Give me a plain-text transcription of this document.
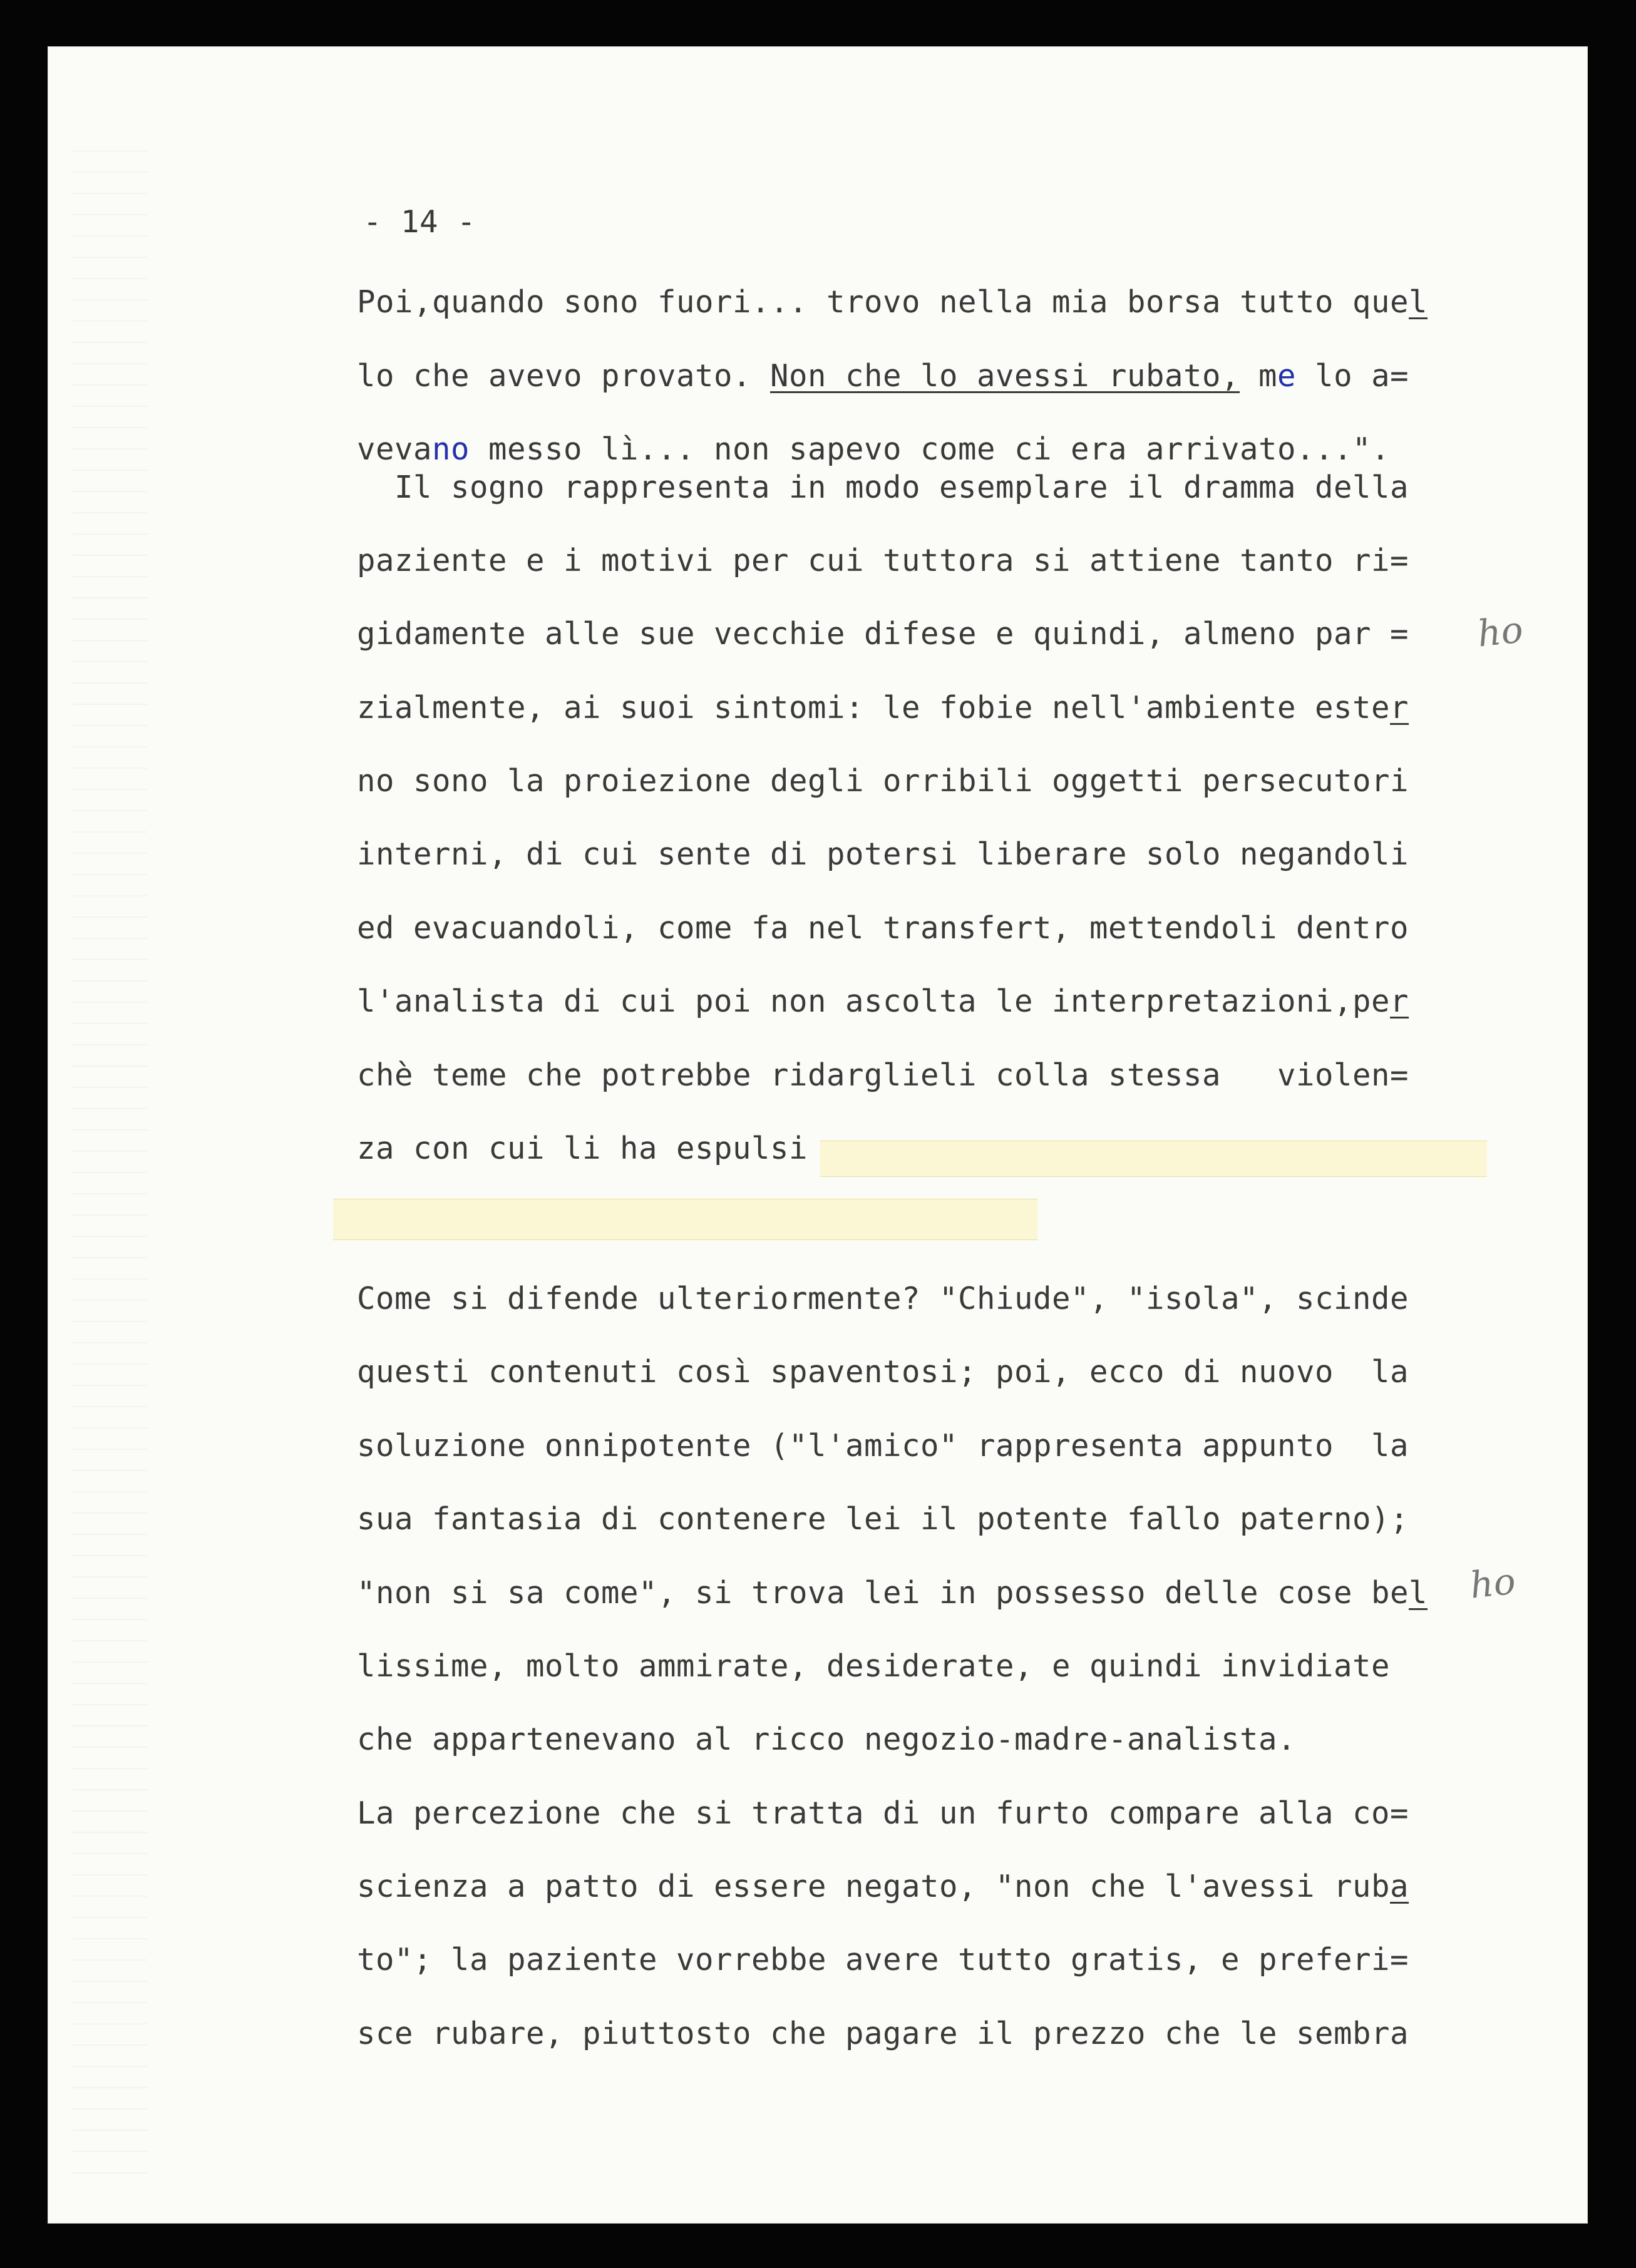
- 14 -
Poi,quando sono fuori... trovo nella mia borsa tutto quel
lo che avevo provato. Non che lo avessi rubato, me lo a=
vevano messo lì... non sapevo come ci era arrivato...".
Il sogno rappresenta in modo esemplare il dramma della
paziente e i motivi per cui tuttora si attiene tanto ri=
gidamente alle sue vecchie difese e quindi, almeno par =
zialmente, ai suoi sintomi: le fobie nell'ambiente ester
no sono la proiezione degli orribili oggetti persecutori
interni, di cui sente di potersi liberare solo negandoli
ed evacuandoli, come fa nel transfert, mettendoli dentro
l'analista di cui poi non ascolta le interpretazioni,per
chè teme che potrebbe ridarglieli colla stessa   violen=
za con cui li ha espulsi
Come si difende ulteriormente? "Chiude", "isola", scinde
questi contenuti così spaventosi; poi, ecco di nuovo  la
soluzione onnipotente ("l'amico" rappresenta appunto  la
sua fantasia di contenere lei il potente fallo paterno);
"non si sa come", si trova lei in possesso delle cose bel
lissime, molto ammirate, desiderate, e quindi invidiate
che appartenevano al ricco negozio-madre-analista.
La percezione che si tratta di un furto compare alla co=
scienza a patto di essere negato, "non che l'avessi ruba
to"; la paziente vorrebbe avere tutto gratis, e preferi=
sce rubare, piuttosto che pagare il prezzo che le sembra
ho
ho
